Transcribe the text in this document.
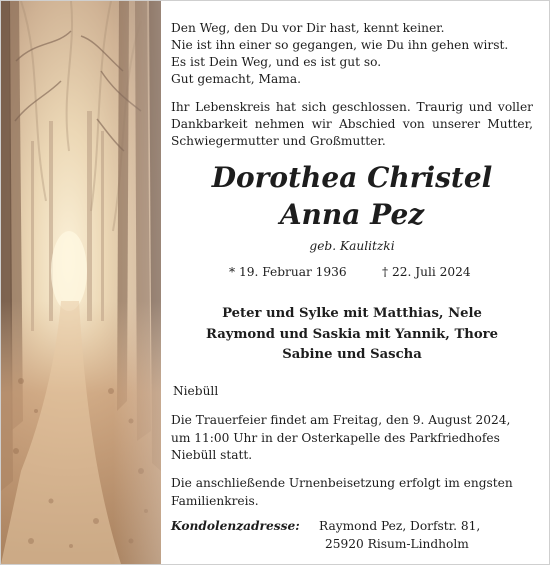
Den Weg, den Du vor Dir hast, kennt keiner.

Nie ist ihn einer so gegangen, wie Du ihn gehen wirst.

Es ist Dein Weg, und es ist gut so.

Gut gemacht, Mama.

Ihr Lebenskreis hat sich geschlossen. Traurig und voller Dankbarkeit nehmen wir Abschied von unserer Mutter, Schwiegermutter und Großmutter.

Dorothea Christel
Anna Pez
geb. Kaulitzki
* 19. Februar 1936	† 22. Juli 2024
Peter und Sylke mit Matthias, Nele
Raymond und Saskia mit Yannik, Thore
Sabine und Sascha
Niebüll
Die Trauerfeier findet am Freitag, den 9. August 2024, um 11:00 Uhr in der Osterkapelle des Parkfriedhofes Niebüll statt.
Die anschließende Urnenbeisetzung erfolgt im engsten Familienkreis.
Kondolenzadresse: Raymond Pez, Dorfstr. 81,
25920 Risum-Lindholm
